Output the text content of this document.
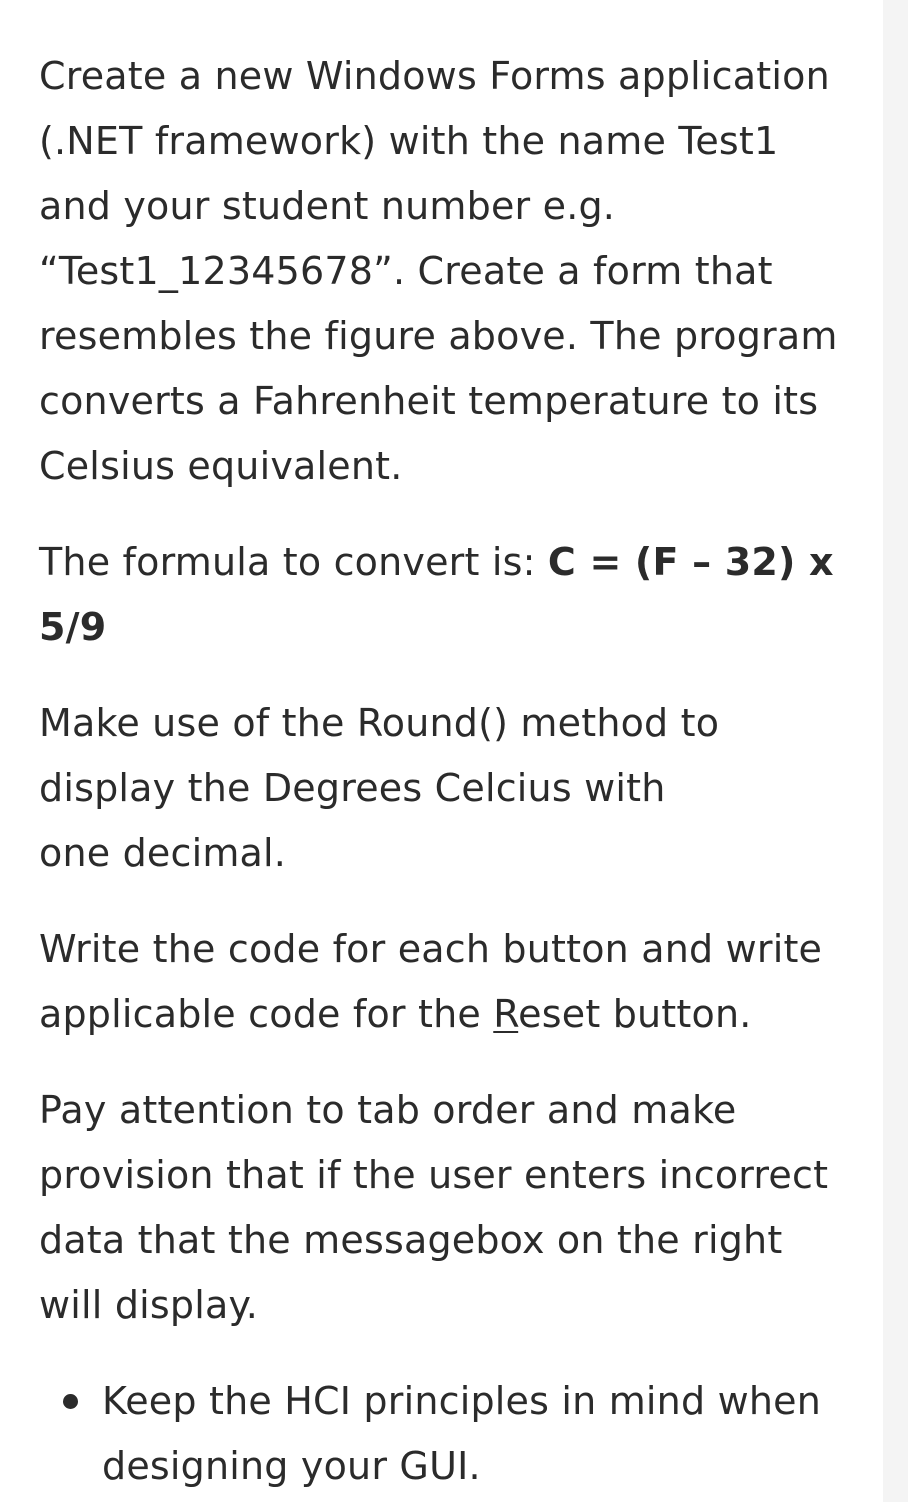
Create a new Windows Forms application
(.NET framework) with the name Test1
and your student number e.g.
“Test1_12345678”. Create a form that
resembles the figure above. The program
converts a Fahrenheit temperature to its
Celsius equivalent.

The formula to convert is: C = (F – 32) x
5/9

Make use of the Round() method to
display the Degrees Celcius with
one decimal.

Write the code for each button and write
applicable code for the Reset button.

Pay attention to tab order and make
provision that if the user enters incorrect
data that the messagebox on the right
will display.

Keep the HCI principles in mind when
designing your GUI.
